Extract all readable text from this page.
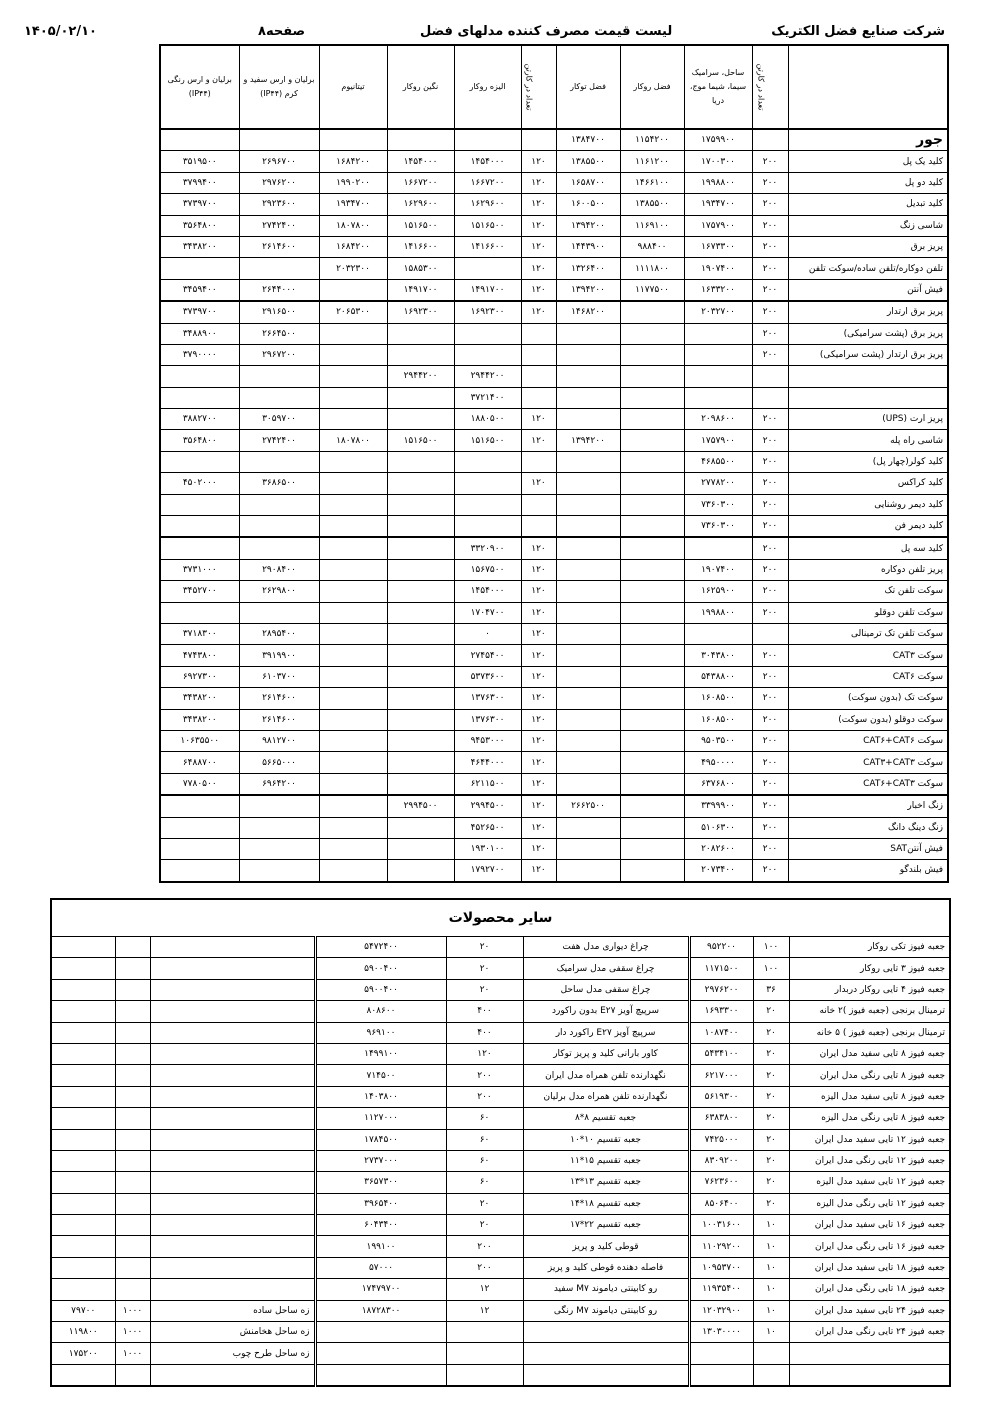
شرکت صنایع فضل الکتریک
لیست قیمت مصرف کننده مدلهای فضل
صفحه۸
۱۴۰۵/۰۲/۱۰
	تعداد در کارتن	ساحل، سرامیک سیما، شیما موج، دریا	فضل روکار	فضل توکار	تعداد در کارتن	الیزه روکار	نگین روکار	تیتانیوم	برلیان و ارس سفید و کرم (IP۴۴)	برلیان و ارس رنگی (IP۴۴)
جور		۱۷۵۹۹۰۰	۱۱۵۴۲۰۰	۱۳۸۴۷۰۰						
کلید یک پل	۲۰۰	۱۷۰۰۳۰۰	۱۱۶۱۲۰۰	۱۳۸۵۵۰۰	۱۲۰	۱۴۵۴۰۰۰	۱۴۵۴۰۰۰	۱۶۸۴۲۰۰	۲۶۹۶۷۰۰	۳۵۱۹۵۰۰
کلید دو پل	۲۰۰	۱۹۹۸۸۰۰	۱۴۶۶۱۰۰	۱۶۵۸۷۰۰	۱۲۰	۱۶۶۷۲۰۰	۱۶۶۷۲۰۰	۱۹۹۰۲۰۰	۲۹۷۶۲۰۰	۳۷۹۹۴۰۰
کلید تبدیل	۲۰۰	۱۹۳۴۷۰۰	۱۳۸۵۵۰۰	۱۶۰۰۵۰۰	۱۲۰	۱۶۲۹۶۰۰	۱۶۲۹۶۰۰	۱۹۳۴۷۰۰	۲۹۲۳۶۰۰	۳۷۳۹۷۰۰
شاسی زنگ	۲۰۰	۱۷۵۷۹۰۰	۱۱۶۹۱۰۰	۱۳۹۴۲۰۰	۱۲۰	۱۵۱۶۵۰۰	۱۵۱۶۵۰۰	۱۸۰۷۸۰۰	۲۷۴۲۴۰۰	۳۵۶۴۸۰۰
پریز برق	۲۰۰	۱۶۷۳۳۰۰	۹۸۸۴۰۰	۱۴۴۳۹۰۰	۱۲۰	۱۴۱۶۶۰۰	۱۴۱۶۶۰۰	۱۶۸۴۲۰۰	۲۶۱۴۶۰۰	۳۴۳۸۲۰۰
تلفن دوکاره/تلفن ساده/سوکت تلفن	۲۰۰	۱۹۰۷۴۰۰	۱۱۱۱۸۰۰	۱۳۲۶۴۰۰	۱۲۰		۱۵۸۵۳۰۰	۲۰۳۲۳۰۰		
فیش آنتن	۲۰۰	۱۶۳۳۲۰۰	۱۱۷۷۵۰۰	۱۳۹۴۲۰۰	۱۲۰	۱۴۹۱۷۰۰	۱۴۹۱۷۰۰		۲۶۴۴۰۰۰	۳۴۵۹۴۰۰
پریز برق ارتدار	۲۰۰	۲۰۳۲۷۰۰		۱۴۶۸۲۰۰	۱۲۰	۱۶۹۲۳۰۰	۱۶۹۲۳۰۰	۲۰۶۵۳۰۰	۲۹۱۶۵۰۰	۳۷۳۹۷۰۰
پریز برق (پشت سرامیکی)	۲۰۰								۲۶۶۴۵۰۰	۳۴۸۸۹۰۰
پریز برق ارتدار (پشت سرامیکی)	۲۰۰								۲۹۶۷۲۰۰	۳۷۹۰۰۰۰
						۲۹۴۴۲۰۰	۲۹۴۴۲۰۰			
						۳۷۲۱۴۰۰				
پریز ارت (UPS)	۲۰۰	۲۰۹۸۶۰۰			۱۲۰	۱۸۸۰۵۰۰			۳۰۵۹۷۰۰	۳۸۸۲۷۰۰
شاسی راه پله	۲۰۰	۱۷۵۷۹۰۰		۱۳۹۴۲۰۰	۱۲۰	۱۵۱۶۵۰۰	۱۵۱۶۵۰۰	۱۸۰۷۸۰۰	۲۷۴۲۴۰۰	۳۵۶۴۸۰۰
کلید کولر(چهار پل)	۲۰۰	۴۶۸۵۵۰۰								
کلید کراکس	۲۰۰	۲۷۷۸۲۰۰			۱۲۰				۳۶۸۶۵۰۰	۴۵۰۲۰۰۰
کلید دیمر روشنایی	۲۰۰	۷۳۶۰۳۰۰								
کلید دیمر فن	۲۰۰	۷۳۶۰۳۰۰								
کلید سه پل	۲۰۰				۱۲۰	۳۳۲۰۹۰۰				
پریز تلفن دوکاره	۲۰۰	۱۹۰۷۴۰۰			۱۲۰	۱۵۶۷۵۰۰			۲۹۰۸۴۰۰	۳۷۳۱۰۰۰
سوکت تلفن تک	۲۰۰	۱۶۲۵۹۰۰			۱۲۰	۱۴۵۴۰۰۰			۲۶۲۹۸۰۰	۳۴۵۲۷۰۰
سوکت تلفن دوقلو	۲۰۰	۱۹۹۸۸۰۰			۱۲۰	۱۷۰۴۷۰۰				
سوکت تلفن تک ترمینالی					۱۲۰	۰			۲۸۹۵۴۰۰	۳۷۱۸۳۰۰
سوکت CAT۳	۲۰۰	۳۰۴۳۸۰۰			۱۲۰	۲۷۴۵۴۰۰			۳۹۱۹۹۰۰	۴۷۴۳۸۰۰
سوکت CAT۶	۲۰۰	۵۴۳۸۸۰۰			۱۲۰	۵۳۷۳۶۰۰			۶۱۰۳۷۰۰	۶۹۲۷۳۰۰
سوکت تک (بدون سوکت)	۲۰۰	۱۶۰۸۵۰۰			۱۲۰	۱۳۷۶۳۰۰			۲۶۱۴۶۰۰	۳۴۳۸۲۰۰
سوکت دوقلو (بدون سوکت)	۲۰۰	۱۶۰۸۵۰۰			۱۲۰	۱۳۷۶۳۰۰			۲۶۱۴۶۰۰	۳۴۳۸۲۰۰
سوکت CAT۶+CAT۶	۲۰۰	۹۵۰۳۵۰۰			۱۲۰	۹۴۵۳۰۰۰			۹۸۱۲۷۰۰	۱۰۶۳۵۵۰۰
سوکت CAT۳+CAT۳	۲۰۰	۴۹۵۰۰۰۰			۱۲۰	۴۶۴۴۰۰۰			۵۶۶۵۰۰۰	۶۴۸۸۷۰۰
سوکت CAT۶+CAT۳	۲۰۰	۶۳۷۶۸۰۰			۱۲۰	۶۲۱۱۵۰۰			۶۹۶۴۲۰۰	۷۷۸۰۵۰۰
زنگ اخبار	۲۰۰	۳۳۹۹۹۰۰		۲۶۶۲۵۰۰	۱۲۰	۲۹۹۴۵۰۰	۲۹۹۴۵۰۰			
زنگ دینگ دانگ	۲۰۰	۵۱۰۶۳۰۰			۱۲۰	۴۵۲۶۵۰۰				
فیش آنتنSAT	۲۰۰	۲۰۸۲۶۰۰			۱۲۰	۱۹۳۰۱۰۰				
فیش بلندگو	۲۰۰	۲۰۷۳۴۰۰			۱۲۰	۱۷۹۲۷۰۰				
سایر محصولات								
جعبه فیوز تکی روکار	۱۰۰	۹۵۲۲۰۰	چراغ دیواری مدل هفت	۲۰	۵۴۷۲۴۰۰			
جعبه فیوز ۳ تایی روکار	۱۰۰	۱۱۷۱۵۰۰	چراغ سقفی مدل سرامیک	۲۰	۵۹۰۰۴۰۰			
جعبه فیوز ۴ تایی روکار دربدار	۳۶	۲۹۷۶۲۰۰	چراغ سقفی مدل ساحل	۲۰	۵۹۰۰۴۰۰			
ترمینال برنجی (جعبه فیوز )۲ خانه	۲۰	۱۶۹۳۳۰۰	سرپیچ آویز E۲۷ بدون راکورد	۴۰۰	۸۰۸۶۰۰			
ترمینال برنجی (جعبه فیوز ) ۵ خانه	۲۰	۱۰۸۷۴۰۰	سرپیچ آویز E۲۷ راکورد دار	۴۰۰	۹۶۹۱۰۰			
جعبه فیوز ۸ تایی سفید مدل ایران	۲۰	۵۴۳۴۱۰۰	کاور بارانی کلید و پریز توکار	۱۲۰	۱۴۹۹۱۰۰			
جعبه فیوز ۸ تایی رنگی مدل ایران	۲۰	۶۲۱۷۰۰۰	نگهدارنده تلفن همراه مدل ایران	۲۰۰	۷۱۴۵۰۰			
جعبه فیوز ۸ تایی سفید مدل الیزه	۲۰	۵۶۱۹۳۰۰	نگهدارنده تلفن همراه مدل برلیان	۲۰۰	۱۴۰۳۸۰۰			
جعبه فیوز ۸ تایی رنگی مدل الیزه	۲۰	۶۳۸۳۸۰۰	جعبه تقسیم ۸*۸	۶۰	۱۱۲۷۰۰۰			
جعبه فیوز ۱۲ تایی سفید مدل ایران	۲۰	۷۴۲۵۰۰۰	جعبه تقسیم ۱۰*۱۰	۶۰	۱۷۸۴۵۰۰			
جعبه فیوز ۱۲ تایی رنگی مدل ایران	۲۰	۸۳۰۹۲۰۰	جعبه تقسیم ۱۵*۱۱	۶۰	۲۷۳۷۰۰۰			
جعبه فیوز ۱۲ تایی سفید مدل الیزه	۲۰	۷۶۲۳۶۰۰	جعبه تقسیم ۱۳*۱۳	۶۰	۳۶۵۷۳۰۰			
جعبه فیوز ۱۲ تایی رنگی مدل الیزه	۲۰	۸۵۰۶۴۰۰	جعبه تقسیم ۱۸*۱۴	۲۰	۳۹۶۵۴۰۰			
جعبه فیوز ۱۶ تایی سفید مدل ایران	۱۰	۱۰۰۳۱۶۰۰	جعبه تقسیم ۲۲*۱۷	۲۰	۶۰۴۳۴۰۰			
جعبه فیوز ۱۶ تایی رنگی مدل ایران	۱۰	۱۱۰۲۹۲۰۰	قوطی کلید و پریز	۲۰۰	۱۹۹۱۰۰			
جعبه فیوز ۱۸ تایی سفید مدل ایران	۱۰	۱۰۹۵۳۷۰۰	فاصله دهنده قوطی کلید و پریز	۲۰۰	۵۷۰۰۰			
جعبه فیوز ۱۸ تایی رنگی مدل ایران	۱۰	۱۱۹۳۵۴۰۰	رو کابینتی دیاموند M۷ سفید	۱۲	۱۷۴۷۹۷۰۰			
جعبه فیوز ۲۴ تایی سفید مدل ایران	۱۰	۱۲۰۳۲۹۰۰	رو کابینتی دیاموند M۷ رنگی	۱۲	۱۸۷۲۸۳۰۰	زه ساحل ساده	۱۰۰۰	۷۹۷۰۰
جعبه فیوز ۲۴ تایی رنگی مدل ایران	۱۰	۱۳۰۳۰۰۰۰				زه ساحل هخامنش	۱۰۰۰	۱۱۹۸۰۰
						زه ساحل طرح چوب	۱۰۰۰	۱۷۵۲۰۰
